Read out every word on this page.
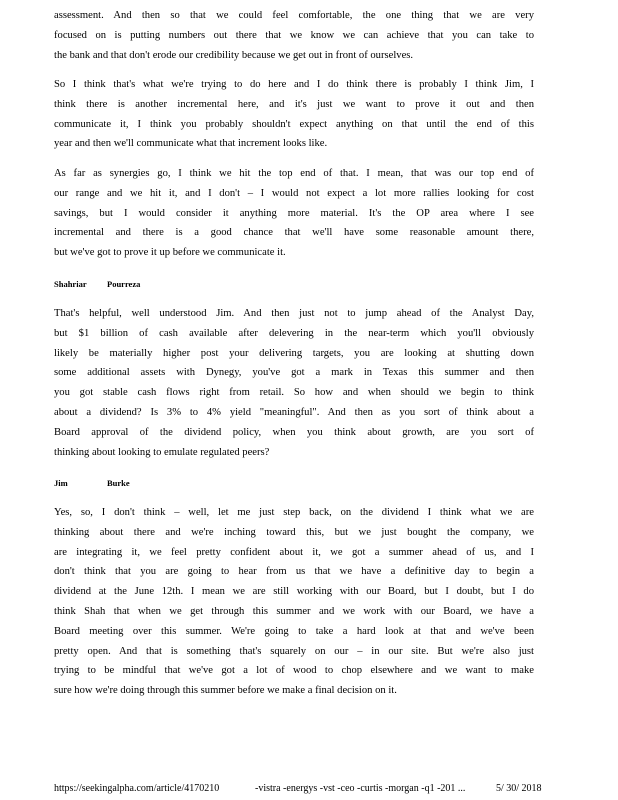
assessment. And then so that we could feel comfortable, the one thing that we are very
focused on is putting numbers out there that we know we can achieve that you can take to
the bank and that don't erode our credibility because we get out in front of ourselves.
So I think that's what we're trying to do here and I do think there is probably I think Jim, I
think there is another incremental here, and it's just we want to prove it out and then
communicate it, I think you probably shouldn't expect anything on that until the end of this
year and then we'll communicate what that increment looks like.
As far as synergies go, I think we hit the top end of that. I mean, that was our top end of
our range and we hit it, and I don't – I would not expect a lot more rallies looking for cost
savings, but I would consider it anything more material. It's the OP area where I see
incremental and there is a good chance that we'll have some reasonable amount there,
but we've got to prove it up before we communicate it.
Shahriar Pourreza
That's helpful, well understood Jim. And then just not to jump ahead of the Analyst Day,
but $1 billion of cash available after delevering in the near-term which you'll obviously
likely be materially higher post your delivering targets, you are looking at shutting down
some additional assets with Dynegy, you've got a mark in Texas this summer and then
you got stable cash flows right from retail. So how and when should we begin to think
about a dividend? Is 3% to 4% yield "meaningful". And then as you sort of think about a
Board approval of the dividend policy, when you think about growth, are you sort of
thinking about looking to emulate regulated peers?
Jim	Burke
Yes, so, I don't think – well, let me just step back, on the dividend I think what we are
thinking about there and we're inching toward this, but we just bought the company, we
are integrating it, we feel pretty confident about it, we got a summer ahead of us, and I
don't think that you are going to hear from us that we have a definitive day to begin a
dividend at the June 12th. I mean we are still working with our Board, but I doubt, but I do
think Shah that when we get through this summer and we work with our Board, we have a
Board meeting over this summer. We're going to take a hard look at that and we've been
pretty open. And that is something that's squarely on our – in our site. But we're also just
trying to be mindful that we've got a lot of wood to chop elsewhere and we want to make
sure how we're doing through this summer before we make a final decision on it.
https://seekingalpha.com/article/4170210	-vistra -energys -vst -ceo -curtis -morgan -q1 -201 ...	5/ 30/ 2018
